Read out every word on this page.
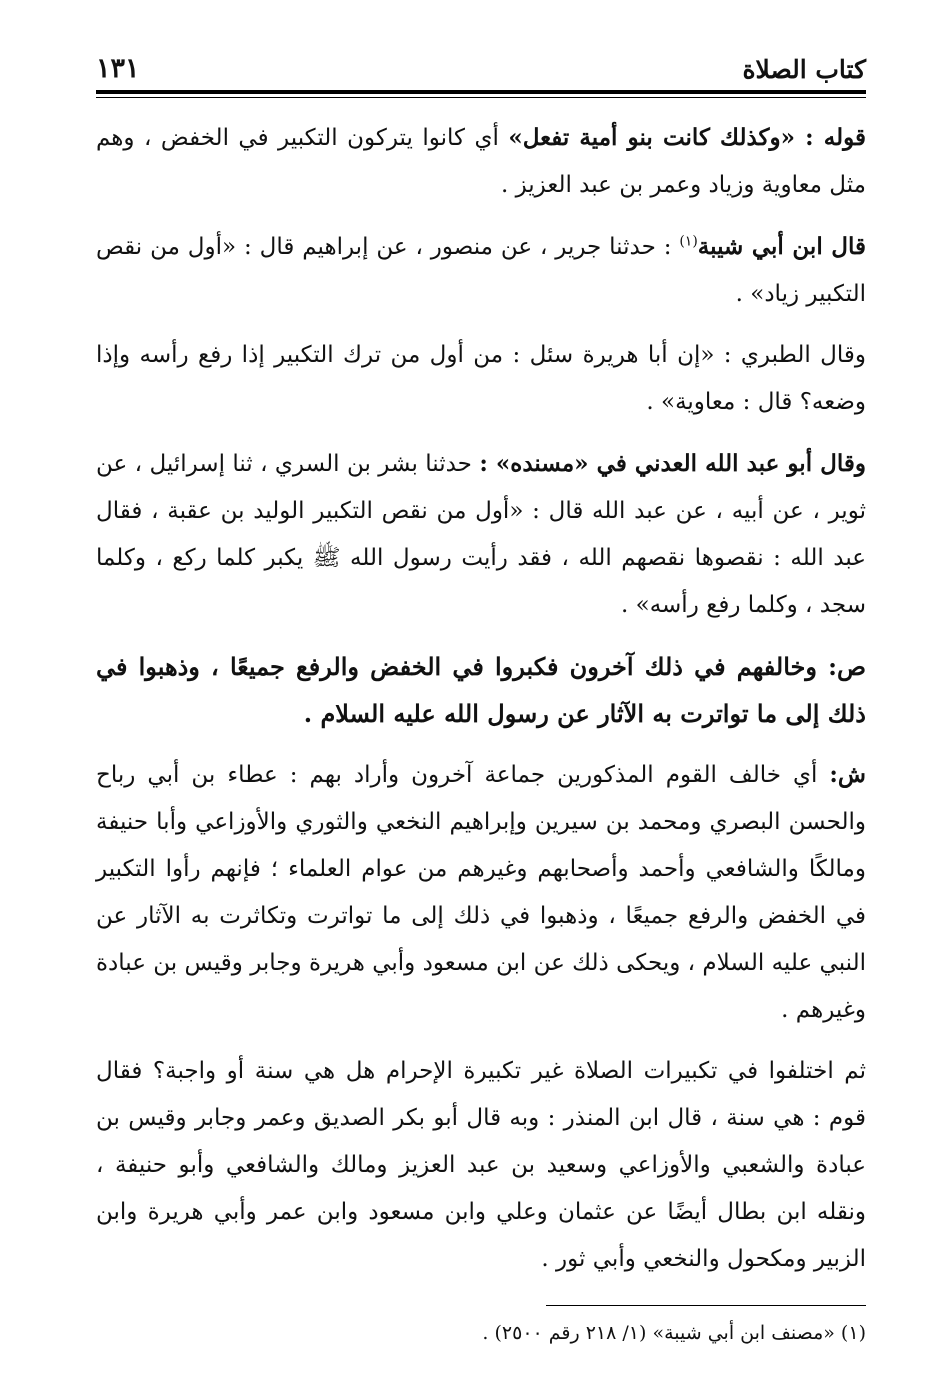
كتاب الصلاة
١٣١

قوله : «وكذلك كانت بنو أمية تفعل» أي كانوا يتركون التكبير في الخفض ، وهم مثل معاوية وزياد وعمر بن عبد العزيز .

قال ابن أبي شيبة$^{(١)}$ : حدثنا جرير ، عن منصور ، عن إبراهيم قال : «أول من نقص التكبير زياد» .

وقال الطبري : «إن أبا هريرة سئل : من أول من ترك التكبير إذا رفع رأسه وإذا وضعه؟ قال : معاوية» .

وقال أبو عبد الله العدني في «مسنده» : حدثنا بشر بن السري ، ثنا إسرائيل ، عن ثوير ، عن أبيه ، عن عبد الله قال : «أول من نقص التكبير الوليد بن عقبة ، فقال عبد الله : نقصوها نقصهم الله ، فقد رأيت رسول الله ﷺ يكبر كلما ركع ، وكلما سجد ، وكلما رفع رأسه» .

ص: وخالفهم في ذلك آخرون فكبروا في الخفض والرفع جميعًا ، وذهبوا في ذلك إلى ما تواترت به الآثار عن رسول الله عليه السلام .

ش: أي خالف القوم المذكورين جماعة آخرون وأراد بهم : عطاء بن أبي رباح والحسن البصري ومحمد بن سيرين وإبراهيم النخعي والثوري والأوزاعي وأبا حنيفة ومالكًا والشافعي وأحمد وأصحابهم وغيرهم من عوام العلماء ؛ فإنهم رأوا التكبير في الخفض والرفع جميعًا ، وذهبوا في ذلك إلى ما تواترت وتكاثرت به الآثار عن النبي عليه السلام ، ويحكى ذلك عن ابن مسعود وأبي هريرة وجابر وقيس بن عبادة وغيرهم .

ثم اختلفوا في تكبيرات الصلاة غير تكبيرة الإحرام هل هي سنة أو واجبة؟ فقال قوم : هي سنة ، قال ابن المنذر : وبه قال أبو بكر الصديق وعمر وجابر وقيس بن عبادة والشعبي والأوزاعي وسعيد بن عبد العزيز ومالك والشافعي وأبو حنيفة ، ونقله ابن بطال أيضًا عن عثمان وعلي وابن مسعود وابن عمر وأبي هريرة وابن الزبير ومكحول والنخعي وأبي ثور .

(١) «مصنف ابن أبي شيبة» (١/ ٢١٨ رقم ٢٥٠٠) .
